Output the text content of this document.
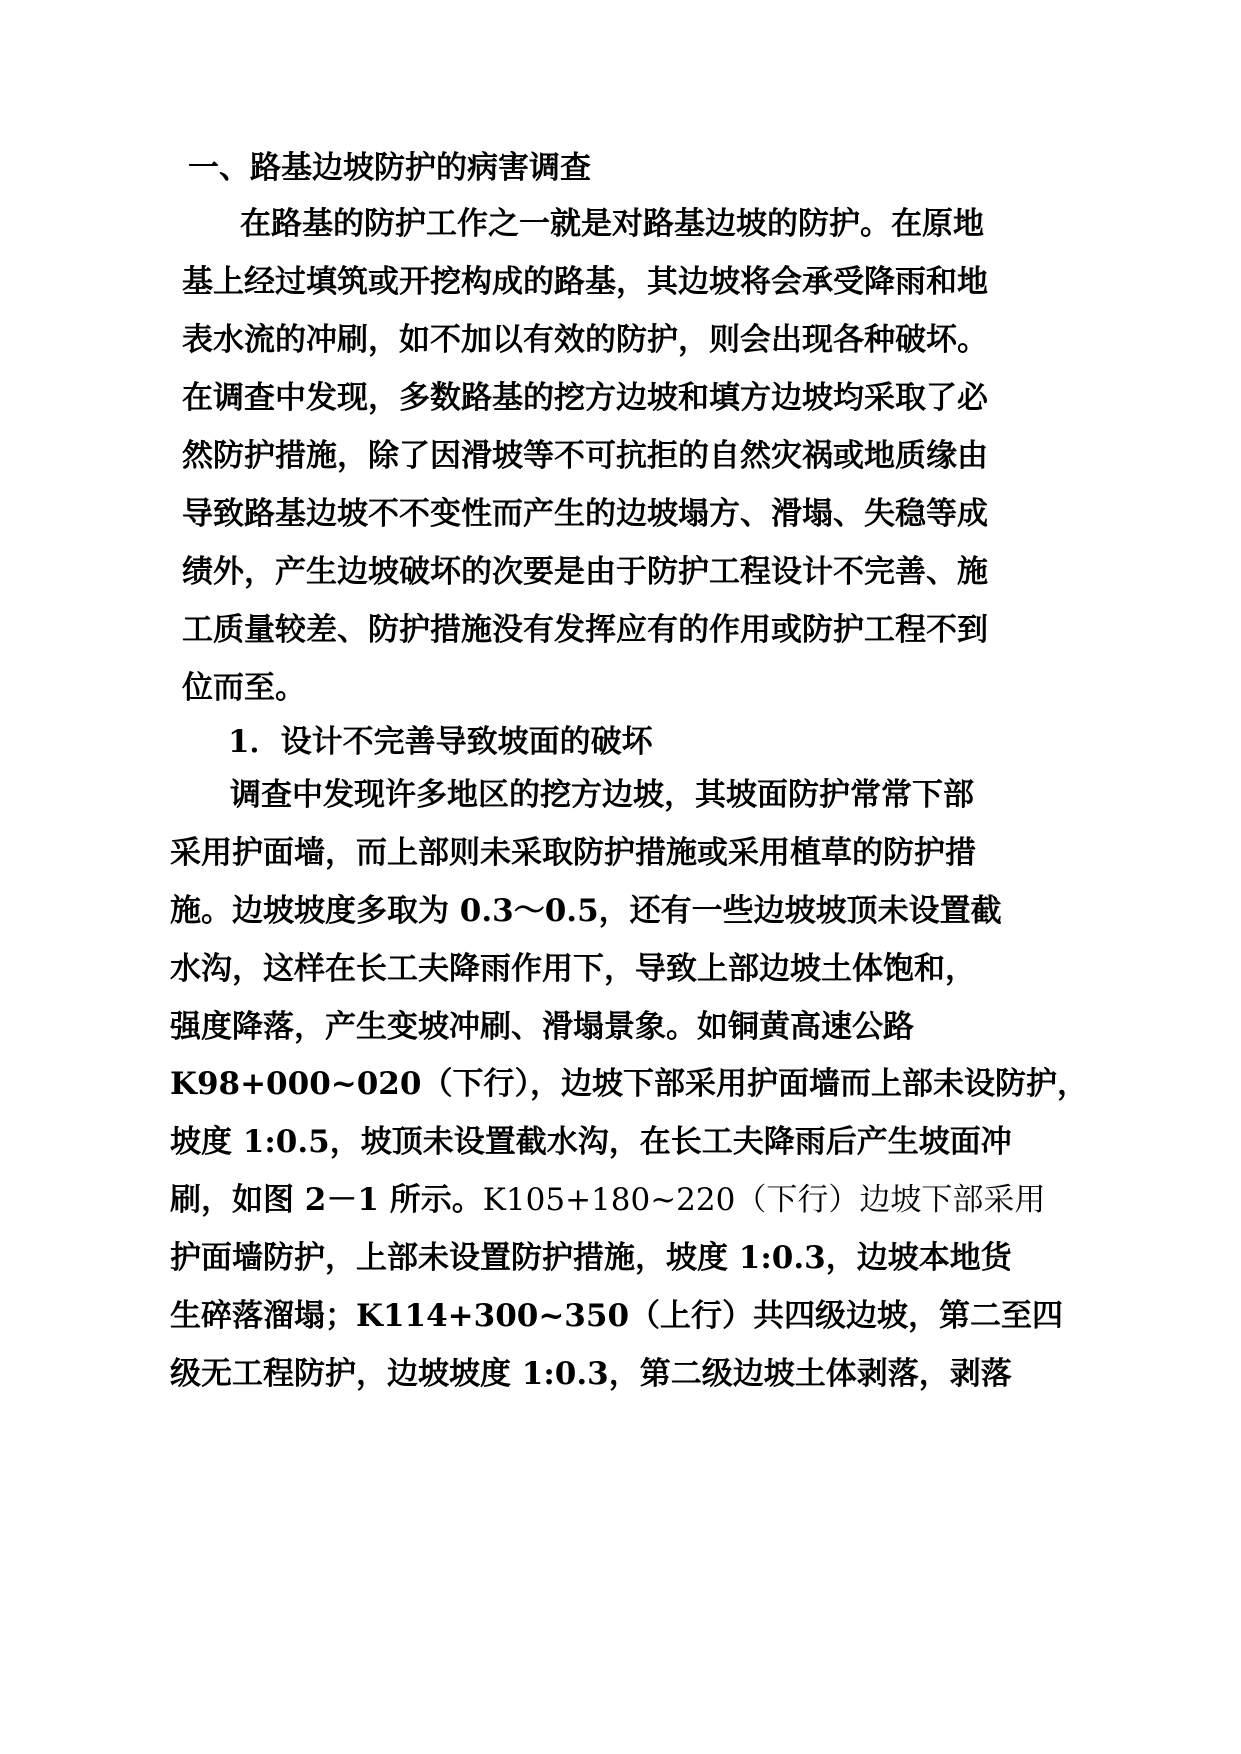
一、路基边坡防护的病害调查
在路基的防护工作之一就是对路基边坡的防护。在原地
基上经过填筑或开挖构成的路基，其边坡将会承受降雨和地
表水流的冲刷，如不加以有效的防护，则会出现各种破坏。
在调查中发现，多数路基的挖方边坡和填方边坡均采取了必
然防护措施，除了因滑坡等不可抗拒的自然灾祸或地质缘由
导致路基边坡不不变性而产生的边坡塌方、滑塌、失稳等成
绩外，产生边坡破坏的次要是由于防护工程设计不完善、施
工质量较差、防护措施没有发挥应有的作用或防护工程不到
位而至。
1．设计不完善导致坡面的破坏
调查中发现许多地区的挖方边坡，其坡面防护常常下部
采用护面墙，而上部则未采取防护措施或采用植草的防护措
施。边坡坡度多取为 0.3～0.5，还有一些边坡坡顶未设置截
水沟，这样在长工夫降雨作用下，导致上部边坡土体饱和，
强度降落，产生变坡冲刷、滑塌景象。如铜黄高速公路
K98+000~020（下行），边坡下部采用护面墙而上部未设防护，
坡度 1:0.5，坡顶未设置截水沟，在长工夫降雨后产生坡面冲
刷，如图 2－1 所示。K105+180~220（下行）边坡下部采用
护面墙防护，上部未设置防护措施，坡度 1:0.3，边坡本地货
生碎落溜塌；K114+300~350（上行）共四级边坡，第二至四
级无工程防护，边坡坡度 1:0.3，第二级边坡土体剥落，剥落
